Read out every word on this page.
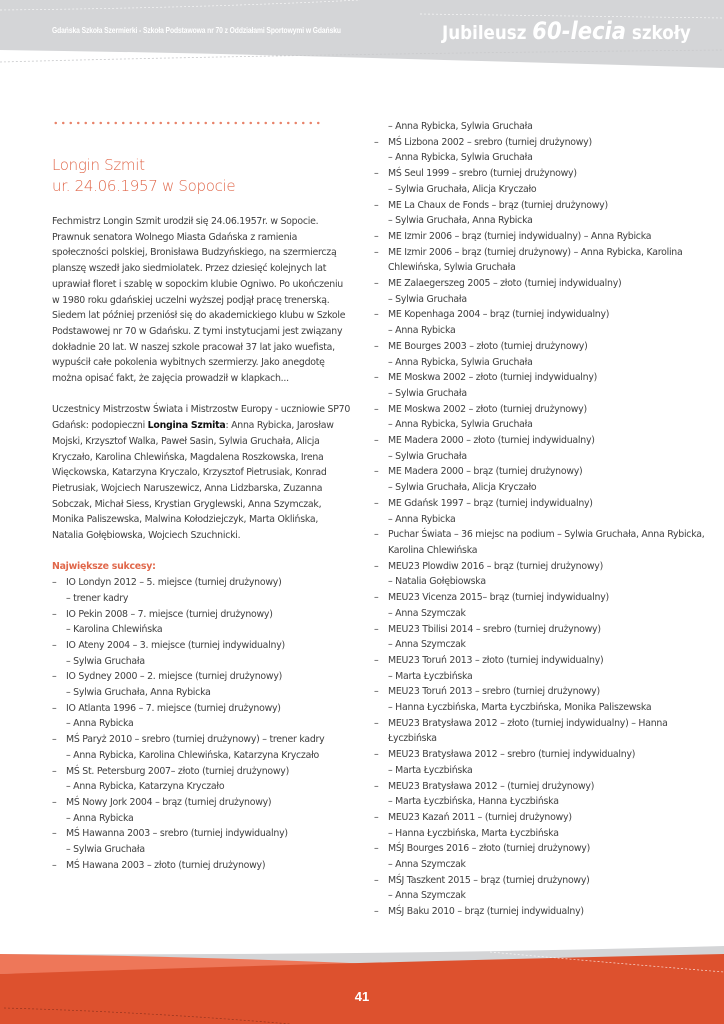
Gdańska Szkoła Szermierki - Szkoła Podstawowa nr 70 z Oddziałami Sportowymi w Gdańsku	Jubileusz 60-lecia szkoły
Longin Szmit
ur. 24.06.1957 w Sopocie

Fechmistrz Longin Szmit urodził się 24.06.1957r. w Sopocie. Prawnuk senatora Wolnego Miasta Gdańska z ramienia społeczności polskiej, Bronisława Budzyńskiego, na szermierczą planszę wszedł jako siedmiolatek. Przez dziesięć kolejnych lat uprawiał floret i szablę w sopockim klubie Ogniwo. Po ukończeniu w 1980 roku gdańskiej uczelni wyższej podjął pracę trenerską. Siedem lat później przeniósł się do akademickiego klubu w Szkole Podstawowej nr 70 w Gdańsku. Z tymi instytucjami jest związany dokładnie 20 lat. W naszej szkole pracował 37 lat jako wuefista, wypuścił całe pokolenia wybitnych szermierzy. Jako anegdotę można opisać fakt, że zajęcia prowadził w klapkach...

Uczestnicy Mistrzostw Świata i Mistrzostw Europy - uczniowie SP70 Gdańsk: podopieczni Longina Szmita: Anna Rybicka, Jarosław Mojski, Krzysztof Walka, Paweł Sasin, Sylwia Gruchała, Alicja Kryczało, Karolina Chlewińska, Magdalena Roszkowska, Irena Więckowska, Katarzyna Kryczalo, Krzysztof Pietrusiak, Konrad Pietrusiak, Wojciech Naruszewicz, Anna Lidzbarska, Zuzanna Sobczak, Michał Siess, Krystian Gryglewski, Anna Szymczak, Monika Paliszewska, Malwina Kołodziejczyk, Marta Oklińska, Natalia Gołębiowska, Wojciech Szuchnicki.

Największe sukcesy:
– IO Londyn 2012 – 5. miejsce (turniej drużynowy)
– trener kadry
– IO Pekin 2008 – 7. miejsce (turniej drużynowy)
– Karolina Chlewińska
– IO Ateny 2004 – 3. miejsce (turniej indywidualny)
– Sylwia Gruchała
– IO Sydney 2000 – 2. miejsce (turniej drużynowy)
– Sylwia Gruchała, Anna Rybicka
– IO Atlanta 1996 – 7. miejsce (turniej drużynowy)
– Anna Rybicka
– MŚ Paryż 2010 – srebro (turniej drużynowy) – trener kadry
– Anna Rybicka, Karolina Chlewińska, Katarzyna Kryczało
– MŚ St. Petersburg 2007– złoto (turniej drużynowy)
– Anna Rybicka, Katarzyna Kryczało
– MŚ Nowy Jork 2004 – brąz (turniej drużynowy)
– Anna Rybicka
– MŚ Hawanna 2003 – srebro (turniej indywidualny)
– Sylwia Gruchała
– MŚ Hawana 2003 – złoto (turniej drużynowy)
– Anna Rybicka, Sylwia Gruchała
– MŚ Lizbona 2002 – srebro (turniej drużynowy)
– Anna Rybicka, Sylwia Gruchała
– MŚ Seul 1999 – srebro (turniej drużynowy)
– Sylwia Gruchała, Alicja Kryczało
– ME La Chaux de Fonds – brąz (turniej drużynowy)
– Sylwia Gruchała, Anna Rybicka
– ME Izmir 2006 – brąz (turniej indywidualny) – Anna Rybicka
– ME Izmir 2006 – brąz (turniej drużynowy) – Anna Rybicka, Karolina Chlewińska, Sylwia Gruchała
– ME Zalaegerszeg 2005 – złoto (turniej indywidualny)
– Sylwia Gruchała
– ME Kopenhaga 2004 – brąz (turniej indywidualny)
– Anna Rybicka
– ME Bourges 2003 – złoto (turniej drużynowy)
– Anna Rybicka, Sylwia Gruchała
– ME Moskwa 2002 – złoto (turniej indywidualny)
– Sylwia Gruchała
– ME Moskwa 2002 – złoto (turniej drużynowy)
– Anna Rybicka, Sylwia Gruchała
– ME Madera 2000 – złoto (turniej indywidualny)
– Sylwia Gruchała
– ME Madera 2000 – brąz (turniej drużynowy)
– Sylwia Gruchała, Alicja Kryczało
– ME Gdańsk 1997 – brąz (turniej indywidualny)
– Anna Rybicka
– Puchar Świata – 36 miejsc na podium – Sylwia Gruchała, Anna Rybicka, Karolina Chlewińska
– MEU23 Plowdiw 2016 – brąz (turniej drużynowy)
– Natalia Gołębiowska
– MEU23 Vicenza 2015– brąz (turniej indywidualny)
– Anna Szymczak
– MEU23 Tbilisi 2014 – srebro (turniej drużynowy)
– Anna Szymczak
– MEU23 Toruń 2013 – złoto (turniej indywidualny)
– Marta Łyczbińska
– MEU23 Toruń 2013 – srebro (turniej drużynowy)
– Hanna Łyczbińska, Marta Łyczbińska, Monika Paliszewska
– MEU23 Bratysława 2012 – złoto (turniej indywidualny) – Hanna Łyczbińska
– MEU23 Bratysława 2012 – srebro (turniej indywidualny)
– Marta Łyczbińska
– MEU23 Bratysława 2012 – (turniej drużynowy)
– Marta Łyczbińska, Hanna Łyczbińska
– MEU23 Kazań 2011 – (turniej drużynowy)
– Hanna Łyczbińska, Marta Łyczbińska
– MŚJ Bourges 2016 – złoto (turniej drużynowy)
– Anna Szymczak
– MŚJ Taszkent 2015 – brąz (turniej drużynowy)
– Anna Szymczak
– MŚJ Baku 2010 – brąz (turniej indywidualny)
41
